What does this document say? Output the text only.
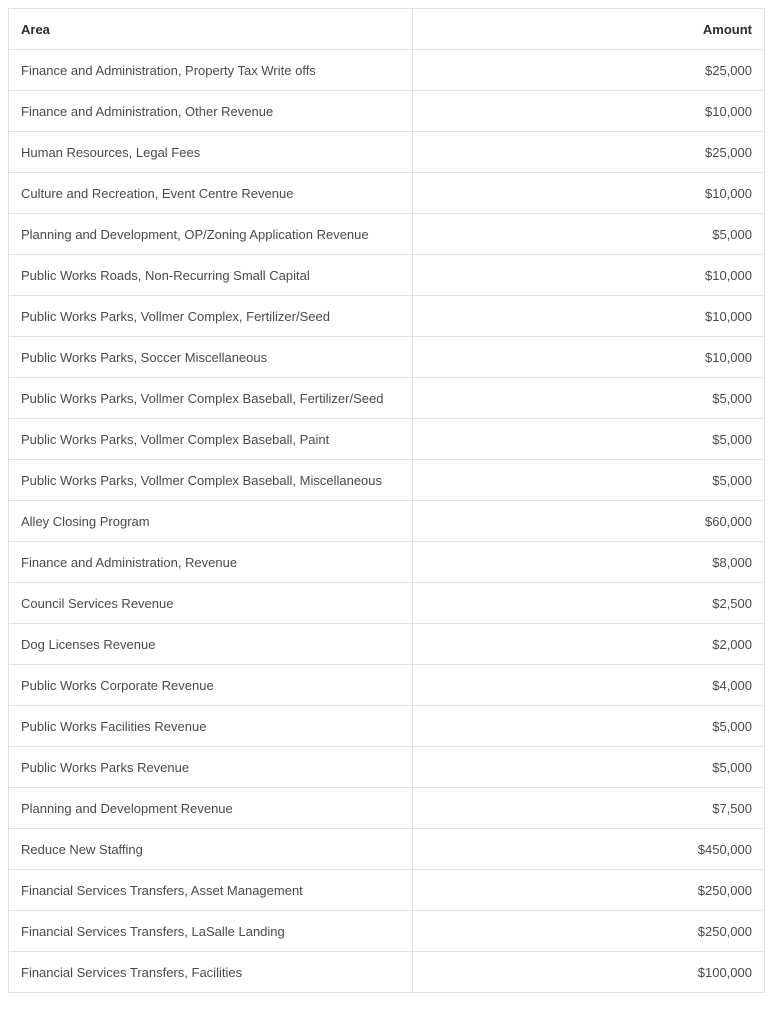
Area	Amount
Finance and Administration, Property Tax Write offs	$25,000
Finance and Administration, Other Revenue	$10,000
Human Resources, Legal Fees	$25,000
Culture and Recreation, Event Centre Revenue	$10,000
Planning and Development, OP/Zoning Application Revenue	$5,000
Public Works Roads, Non-Recurring Small Capital	$10,000
Public Works Parks, Vollmer Complex, Fertilizer/Seed	$10,000
Public Works Parks, Soccer Miscellaneous	$10,000
Public Works Parks, Vollmer Complex Baseball, Fertilizer/Seed	$5,000
Public Works Parks, Vollmer Complex Baseball, Paint	$5,000
Public Works Parks, Vollmer Complex Baseball, Miscellaneous	$5,000
Alley Closing Program	$60,000
Finance and Administration, Revenue	$8,000
Council Services Revenue	$2,500
Dog Licenses Revenue	$2,000
Public Works Corporate Revenue	$4,000
Public Works Facilities Revenue	$5,000
Public Works Parks Revenue	$5,000
Planning and Development Revenue	$7,500
Reduce New Staffing	$450,000
Financial Services Transfers, Asset Management	$250,000
Financial Services Transfers, LaSalle Landing	$250,000
Financial Services Transfers, Facilities	$100,000
